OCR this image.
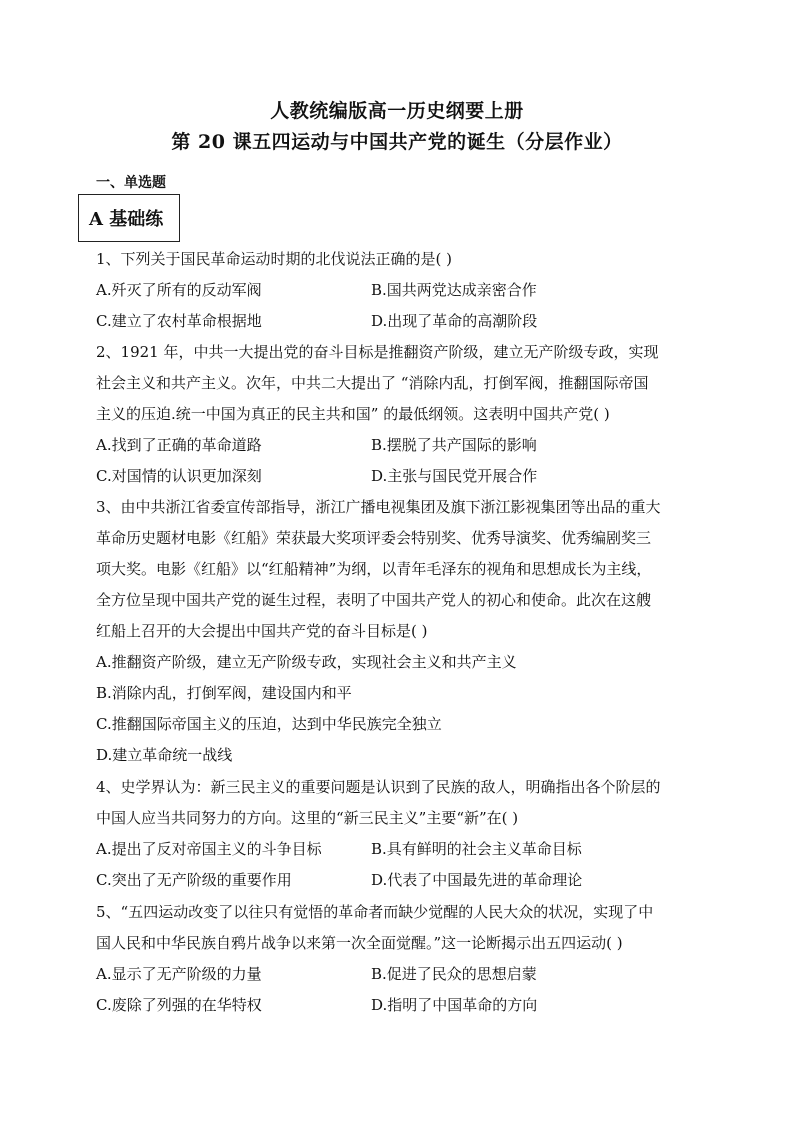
人教统编版高一历史纲要上册
第 20 课五四运动与中国共产党的诞生（分层作业）
一、单选题
A 基础练
1、下列关于国民革命运动时期的北伐说法正确的是( )
A.歼灭了所有的反动军阀	B.国共两党达成亲密合作
C.建立了农村革命根据地	D.出现了革命的高潮阶段
2、1921 年，中共一大提出党的奋斗目标是推翻资产阶级，建立无产阶级专政，实现
社会主义和共产主义。次年，中共二大提出了 “消除内乱，打倒军阀，推翻国际帝国
主义的压迫.统一中国为真正的民主共和国” 的最低纲领。这表明中国共产党( )
A.找到了正确的革命道路	B.摆脱了共产国际的影响
C.对国情的认识更加深刻	D.主张与国民党开展合作
3、由中共浙江省委宣传部指导，浙江广播电视集团及旗下浙江影视集团等出品的重大
革命历史题材电影《红船》荣获最大奖项评委会特别奖、优秀导演奖、优秀编剧奖三
项大奖。电影《红船》以“红船精神”为纲，以青年毛泽东的视角和思想成长为主线，
全方位呈现中国共产党的诞生过程，表明了中国共产党人的初心和使命。此次在这艘
红船上召开的大会提出中国共产党的奋斗目标是( )
A.推翻资产阶级，建立无产阶级专政，实现社会主义和共产主义
B.消除内乱，打倒军阀，建设国内和平
C.推翻国际帝国主义的压迫，达到中华民族完全独立
D.建立革命统一战线
4、史学界认为：新三民主义的重要问题是认识到了民族的敌人，明确指出各个阶层的
中国人应当共同努力的方向。这里的“新三民主义”主要“新”在( )
A.提出了反对帝国主义的斗争目标	B.具有鲜明的社会主义革命目标
C.突出了无产阶级的重要作用	D.代表了中国最先进的革命理论
5、“五四运动改变了以往只有觉悟的革命者而缺少觉醒的人民大众的状况，实现了中
国人民和中华民族自鸦片战争以来第一次全面觉醒。”这一论断揭示出五四运动( )
A.显示了无产阶级的力量	B.促进了民众的思想启蒙
C.废除了列强的在华特权	D.指明了中国革命的方向
